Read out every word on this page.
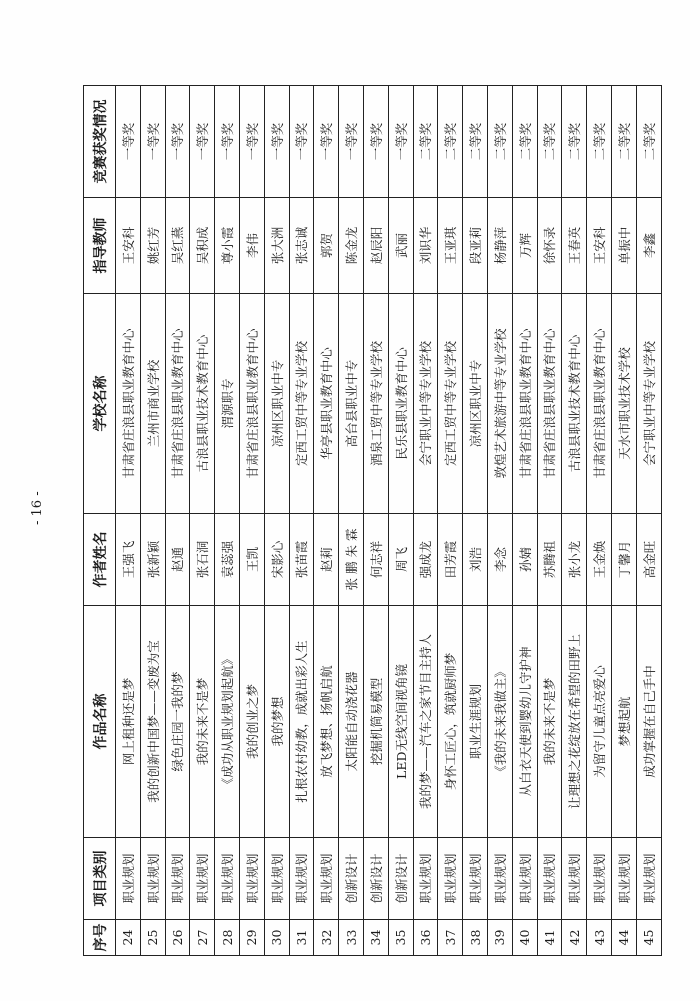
序号	项目类别	作品名称	作者姓名	学校名称	指导教师	竞赛获奖情况
24	职业规划	网上租种还是梦	王强飞	甘肃省庄浪县职业教育中心	王安科	一等奖
25	职业规划	我的创新中国梦——变废为宝	张新颖	兰州市商业学校	姚红芳	一等奖
26	职业规划	绿色庄园一我的梦	赵通	甘肃省庄浪县职业教育中心	吴红燕	一等奖
27	职业规划	我的未来不是梦	张石洞	古浪县职业技术教育中心	吴积成	一等奖
28	职业规划	《成功从职业规划起航》	袁蕊强	渭源职专	尊小霞	一等奖
29	职业规划	我的创业之梦	王凯	甘肃省庄浪县职业教育中心	李伟	一等奖
30	职业规划	我的梦想	宋影心	凉州区职业中专	张大洲	一等奖
31	职业规划	扎根农村幼教，成就出彩人生	张苗霞	定西工贸中等专业学校	张志诚	一等奖
32	职业规划	放飞梦想、扬帆启航	赵莉	华亭县职业教育中心	郭贺	一等奖
33	创新设计	太阳能自动浇花器	张 鹏 朱 霖	高台县职业中专	陈金龙	一等奖
34	创新设计	挖掘机简易模型	何志祥	酒泉工贸中等专业学校	赵辰阳	一等奖
35	创新设计	LED无线空间视角镜	周飞	民乐县职业教育中心	武丽	一等奖
36	职业规划	我的梦——汽车之家节目主持人	强成龙	会宁职业中等专业学校	刘识华	二等奖
37	职业规划	身怀工匠心，筑就厨师梦	田芳霞	定西工贸中等专业学校	王亚琪	二等奖
38	职业规划	职业生涯规划	刘浩	凉州区职业中专	段亚莉	二等奖
39	职业规划	《我的未来我做主》	李念	敦煌艺术旅游中等专业学校	杨静萍	二等奖
40	职业规划	从白衣天使到婴幼儿守护神	孙婧	甘肃省庄浪县职业教育中心	万辉	二等奖
41	职业规划	我的未来不是梦	苏腾祖	甘肃省庄浪县职业教育中心	徐怀录	二等奖
42	职业规划	让理想之花绽放在希望的田野上	张小龙	古浪县职业技术教育中心	王春英	二等奖
43	职业规划	为留守儿童点亮爱心	王金焕	甘肃省庄浪县职业教育中心	王安科	二等奖
44	职业规划	梦想起航	丁馨月	天水市职业技术学校	单振中	二等奖
45	职业规划	成功掌握在自己手中	高金旺	会宁职业中等专业学校	李鑫	二等奖
- 16 -
